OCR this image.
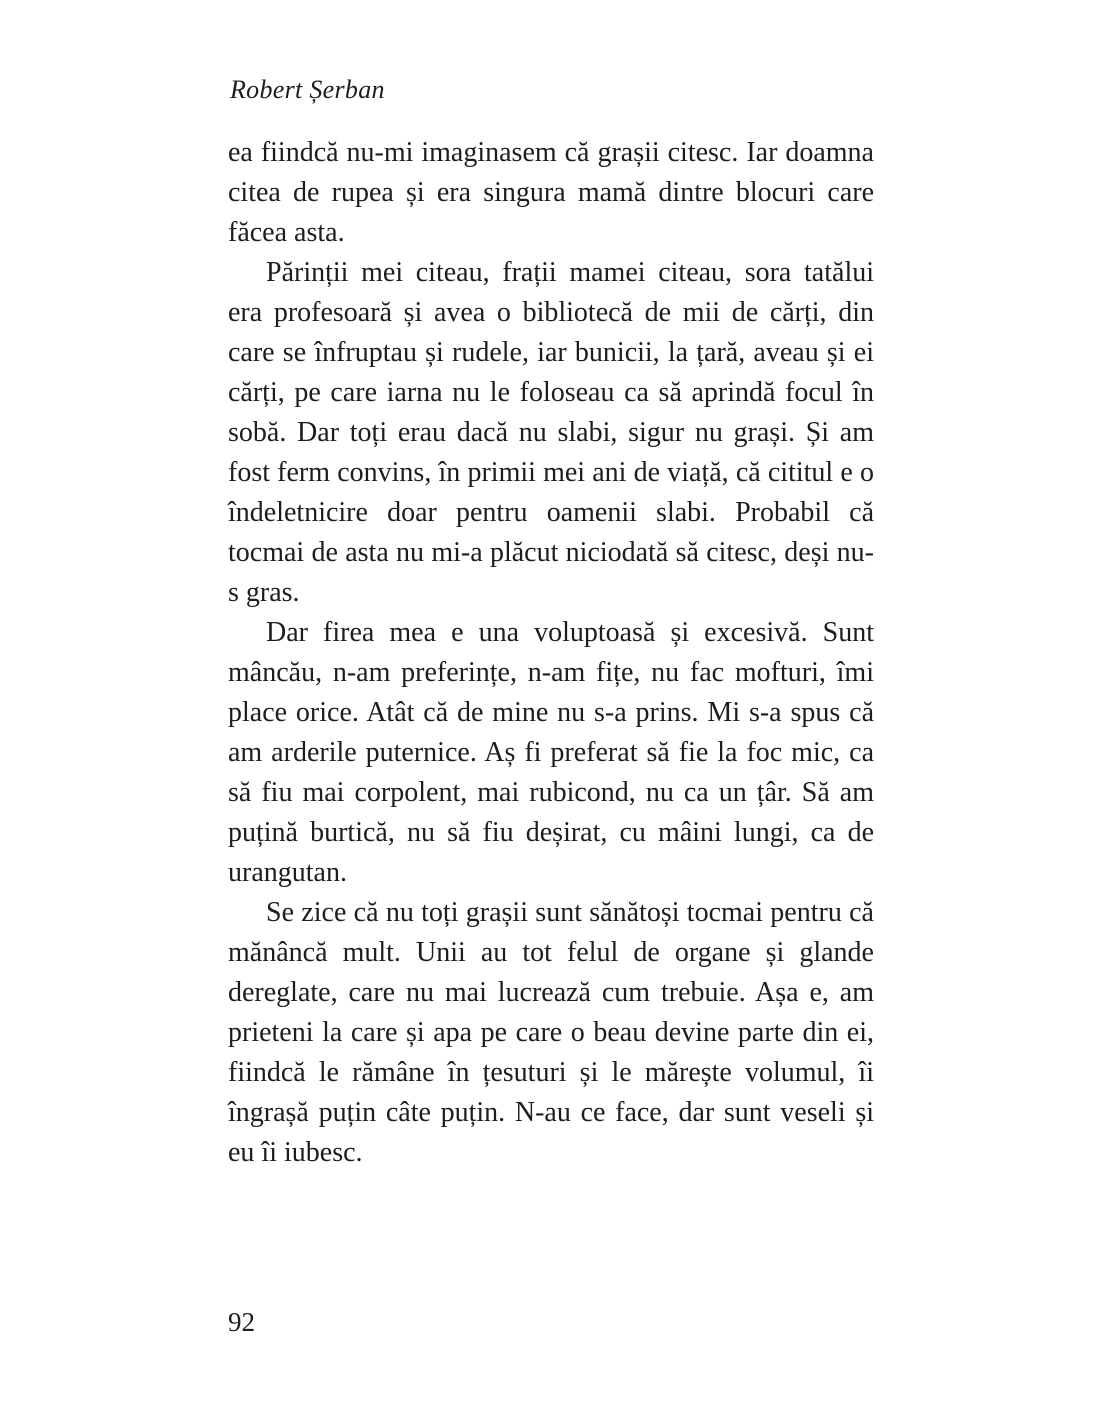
Robert Șerban

ea fiindcă nu-mi imaginasem că grașii citesc. Iar doamna citea de rupea și era singura mamă dintre blocuri care făcea asta.

Părinții mei citeau, frații mamei citeau, sora tatălui era profesoară și avea o bibliotecă de mii de cărți, din care se înfruptau și rudele, iar bunicii, la țară, aveau și ei cărți, pe care iarna nu le foloseau ca să aprindă focul în sobă. Dar toți erau dacă nu slabi, sigur nu grași. Și am fost ferm convins, în primii mei ani de viață, că cititul e o îndeletnicire doar pentru oamenii slabi. Probabil că tocmai de asta nu mi-a plăcut niciodată să citesc, deși nu-s gras.

Dar firea mea e una voluptoasă și excesivă. Sunt mâncău, n-am preferințe, n-am fițe, nu fac mofturi, îmi place orice. Atât că de mine nu s-a prins. Mi s-a spus că am arderile puternice. Aș fi preferat să fie la foc mic, ca să fiu mai corpolent, mai rubicond, nu ca un țâr. Să am puțină burtică, nu să fiu deșirat, cu mâini lungi, ca de urangutan.

Se zice că nu toți grașii sunt sănătoși tocmai pentru că mănâncă mult. Unii au tot felul de organe și glande dereglate, care nu mai lucrează cum trebuie. Așa e, am prieteni la care și apa pe care o beau devine parte din ei, fiindcă le rămâne în țesuturi și le mărește volumul, îi îngrașă puțin câte puțin. N-au ce face, dar sunt veseli și eu îi iubesc.

92
